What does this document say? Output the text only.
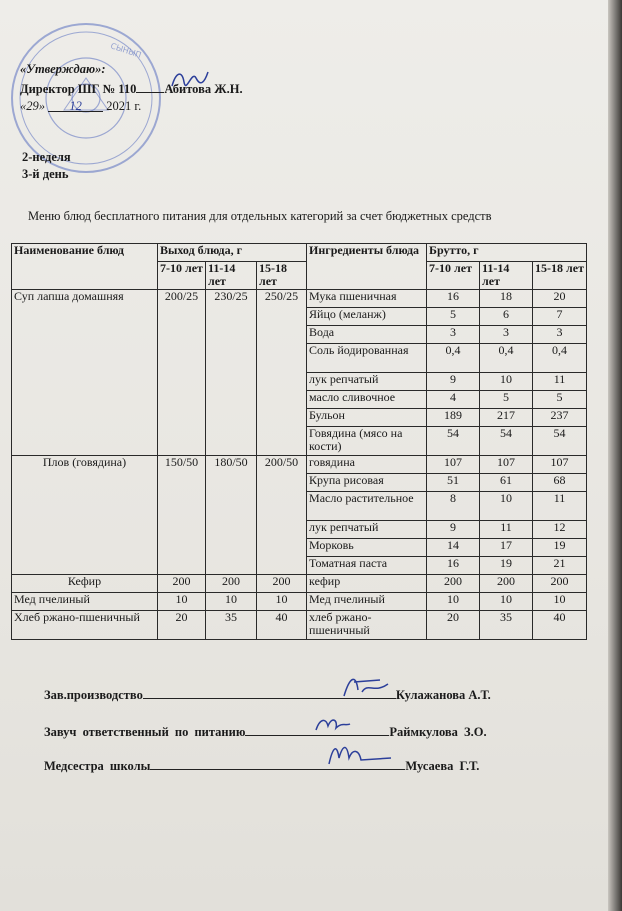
СЫНЫП
«Утверждаю»:
Директор ШГ № 110 Абитова Ж.Н.
«29» 12 2021 г.
2-неделя
3-й день
Меню блюд бесплатного питания для отдельных категорий за счет бюджетных средств
Наименование блюд	Выход блюда, г			Ингредиенты блюда	Брутто, г		
	7-10 лет	11-14 лет	15-18 лет		7-10 лет	11-14 лет	15-18 лет
Суп лапша домашняя	200/25	230/25	250/25	Мука пшеничная	16	18	20
				Яйцо (меланж)	5	6	7
				Вода	3	3	3
				Соль йодированная	0,4	0,4	0,4
				лук репчатый	9	10	11
				масло сливочное	4	5	5
				Бульон	189	217	237
				Говядина (мясо на кости)	54	54	54
Плов (говядина)	150/50	180/50	200/50	говядина	107	107	107
				Крупа рисовая	51	61	68
				Масло растительное	8	10	11
				лук репчатый	9	11	12
				Морковь	14	17	19
				Томатная паста	16	19	21
Кефир	200	200	200	кефир	200	200	200
Мед пчелиный	10	10	10	Мед пчелиный	10	10	10
Хлеб ржано-пшеничный	20	35	40	хлеб ржано-пшеничный	20	35	40
Зав.производство	Кулажанова А.Т.
Завуч ответственный по питанию	Раймкулова З.О.
Медсестра школы	Мусаева Г.Т.
